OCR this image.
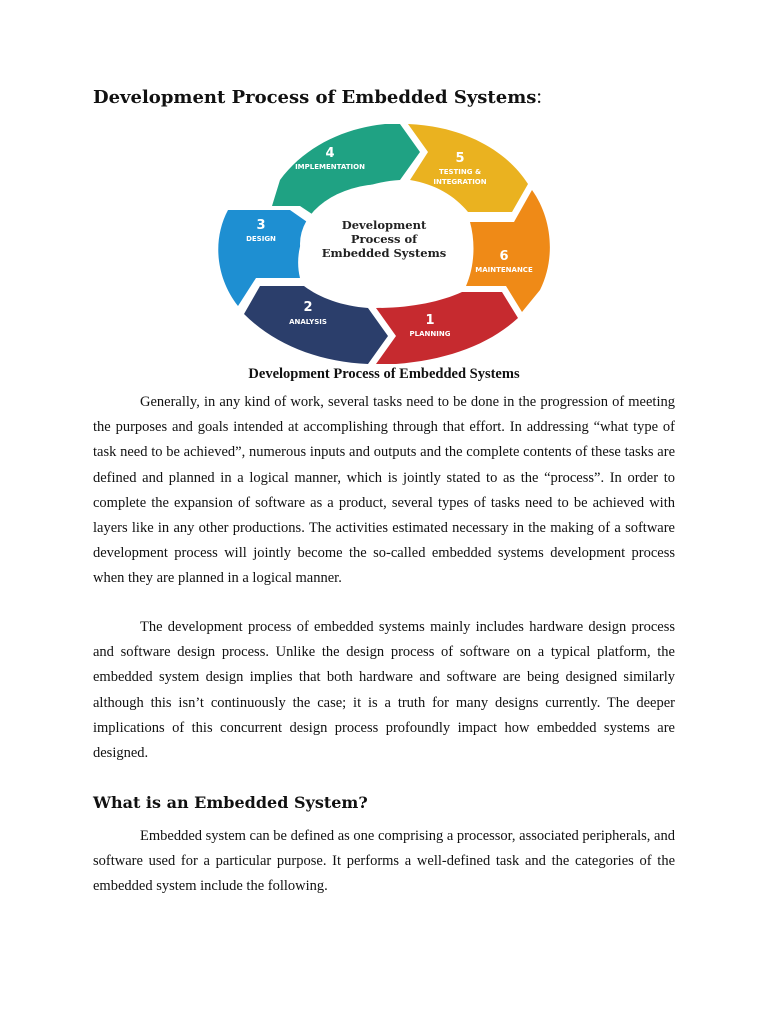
Development Process of Embedded Systems:
Development
Process of
Embedded Systems
4
IMPLEMENTATION
5
TESTING &
INTEGRATION
6
MAINTENANCE
1
PLANNING
2
ANALYSIS
3
DESIGN
Development Process of Embedded Systems

Generally, in any kind of work, several tasks need to be done in the progression of meeting the purposes and goals intended at accomplishing through that effort. In addressing “what type of task need to be achieved”, numerous inputs and outputs and the complete contents of these tasks are defined and planned in a logical manner, which is jointly stated to as the “process”. In order to complete the expansion of software as a product, several types of tasks need to be achieved with layers like in any other productions. The activities estimated necessary in the making of a software development process will jointly become the so-called embedded systems development process when they are planned in a logical manner.

The development process of embedded systems mainly includes hardware design process and software design process. Unlike the design process of software on a typical platform, the embedded system design implies that both hardware and software are being designed similarly although this isn’t continuously the case; it is a truth for many designs currently. The deeper implications of this concurrent design process profoundly impact how embedded systems are designed.

What is an Embedded System?

Embedded system can be defined as one comprising a processor, associated peripherals, and software used for a particular purpose. It performs a well-defined task and the categories of the embedded system include the following.
